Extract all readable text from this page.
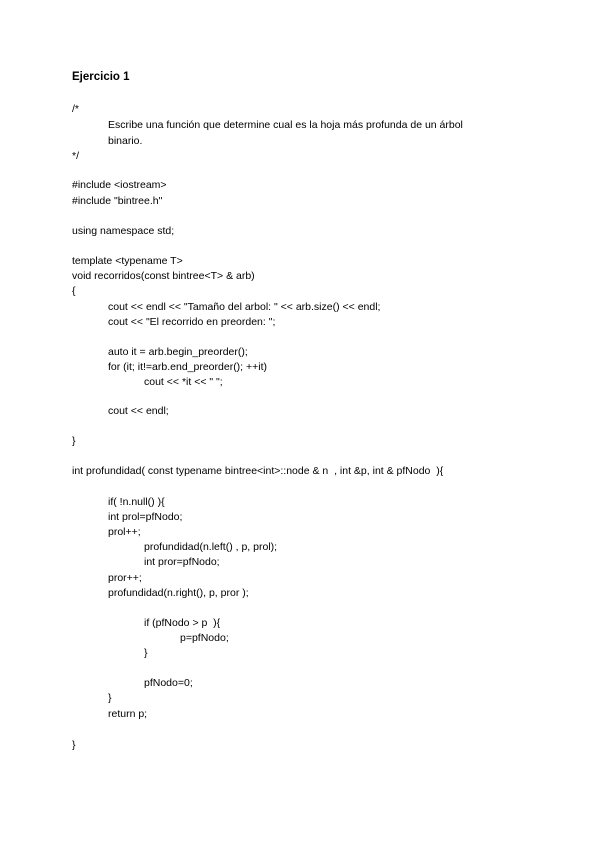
Ejercicio 1
/*
Escribe una función que determine cual es la hoja más profunda de un árbol
binario.
*/
#include <iostream>
#include "bintree.h"
using namespace std;
template <typename T>
void recorridos(const bintree<T> & arb)
{
cout << endl << "Tamaño del arbol: " << arb.size() << endl;
cout << "El recorrido en preorden: ";
auto it = arb.begin_preorder();
for (it; it!=arb.end_preorder(); ++it)
cout << *it << " ";
cout << endl;
}
int profundidad( const typename bintree<int>::node & n  , int &p, int & pfNodo  ){
if( !n.null() ){
int prol=pfNodo;
prol++;
profundidad(n.left() , p, prol);
int pror=pfNodo;
pror++;
profundidad(n.right(), p, pror );
if (pfNodo > p  ){
p=pfNodo;
}
pfNodo=0;
}
return p;
}
